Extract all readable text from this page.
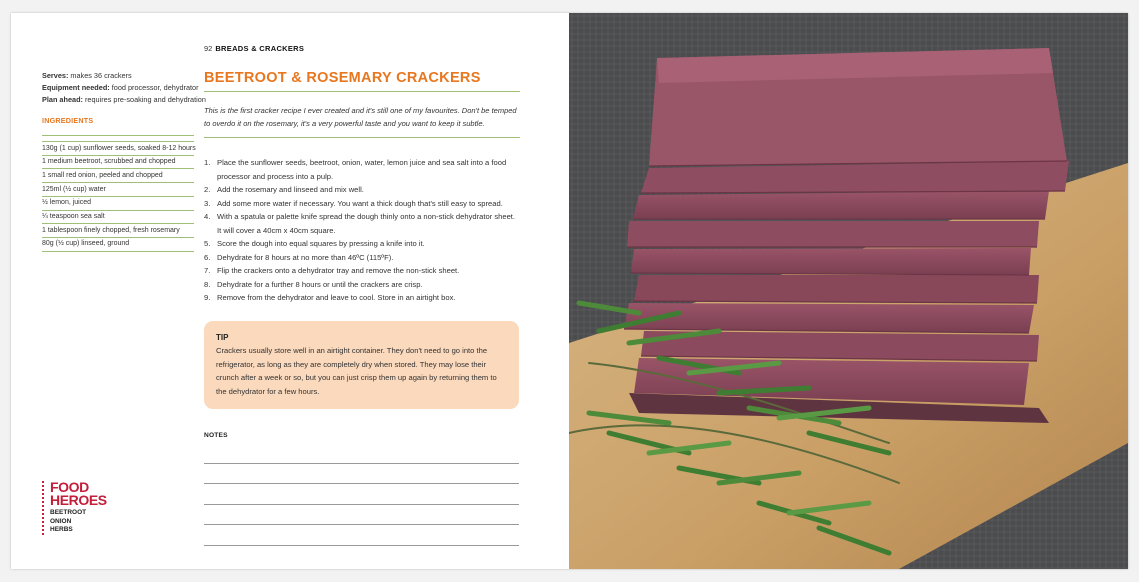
Serves: makes 36 crackers
Equipment needed: food processor, dehydrator
Plan ahead: requires pre-soaking and dehydration
INGREDIENTS
130g (1 cup) sunflower seeds, soaked 8-12 hours
1 medium beetroot, scrubbed and chopped
1 small red onion, peeled and chopped
125ml (½ cup) water
½ lemon, juiced
¼ teaspoon sea salt
1 tablespoon finely chopped, fresh rosemary
80g (½ cup) linseed, ground
FOOD
HEROES
BEETROOT
ONION
HERBS
92 BREADS & CRACKERS
BEETROOT & ROSEMARY CRACKERS

This is the first cracker recipe I ever created and it's still one of my favourites. Don't be temped to overdo it on the rosemary, it's a very powerful taste and you want to keep it subtle.

1. Place the sunflower seeds, beetroot, onion, water, lemon juice and sea salt into a food processor and process into a pulp.
2. Add the rosemary and linseed and mix well.
3. Add some more water if necessary. You want a thick dough that's still easy to spread.
4. With a spatula or palette knife spread the dough thinly onto a non-stick dehydrator sheet. It will cover a 40cm x 40cm square.
5. Score the dough into equal squares by pressing a knife into it.
6. Dehydrate for 8 hours at no more than 46ºC (115ºF).
7. Flip the crackers onto a dehydrator tray and remove the non-stick sheet.
8. Dehydrate for a further 8 hours or until the crackers are crisp.
9. Remove from the dehydrator and leave to cool. Store in an airtight box.
TIP
Crackers usually store well in an airtight container. They don't need to go into the refrigerator, as long as they are completely dry when stored. They may lose their crunch after a week or so, but you can just crisp them up again by returning them to the dehydrator for a few hours.
NOTES
